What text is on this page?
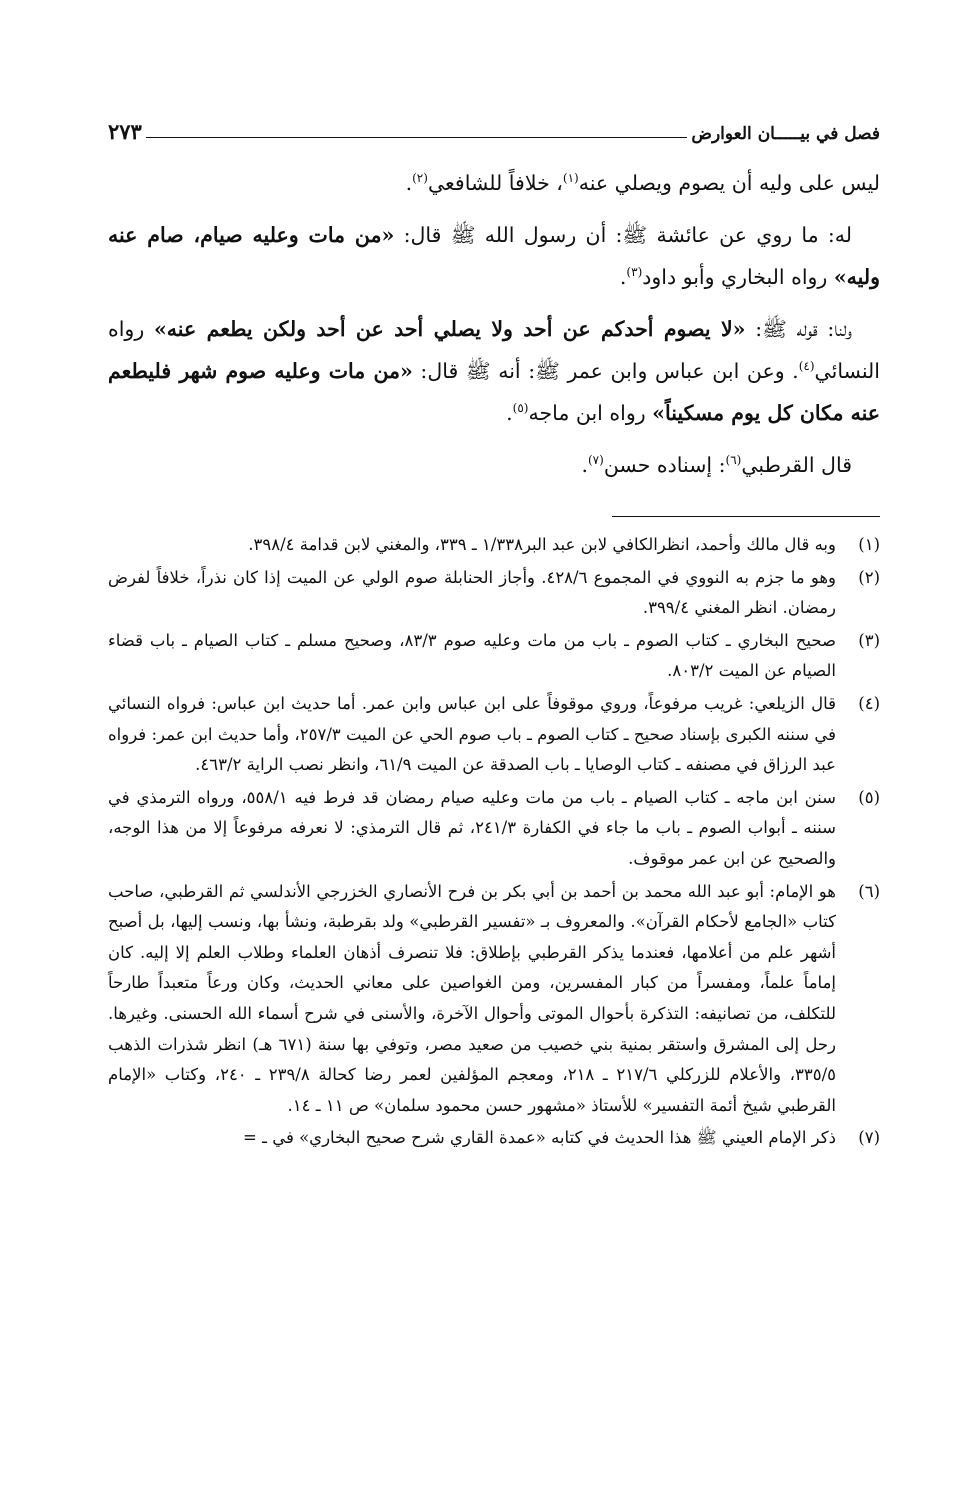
فصل في بيـــــان العوارض
٢٧٣

ليس على وليه أن يصوم ويصلي عنه$^{(١)}$، خلافاً للشافعي$^{(٢)}$.

له: ما روي عن عائشة ﷺ: أن رسول الله ﷺ قال: «من مات وعليه صيام، صام عنه وليه» رواه البخاري وأبو داود$^{(٣)}$.

ولنا: قوله ﷺ: «لا يصوم أحدكم عن أحد ولا يصلي أحد عن أحد ولكن يطعم عنه» رواه النسائي$^{(٤)}$. وعن ابن عباس وابن عمر ﷺ: أنه ﷺ قال: «من مات وعليه صوم شهر فليطعم عنه مكان كل يوم مسكيناً» رواه ابن ماجه$^{(٥)}$.

قال القرطبي$^{(٦)}$: إسناده حسن$^{(٧)}$.

(١)
وبه قال مالك وأحمد، انظرالكافي لابن عبد البر١/٣٣٨ ـ ٣٣٩، والمغني لابن قدامة ٣٩٨/٤.
(٢)
وهو ما جزم به النووي في المجموع ٤٢٨/٦. وأجاز الحنابلة صوم الولي عن الميت إذا كان نذراً، خلافاً لفرض رمضان. انظر المغني ٣٩٩/٤.
(٣)
صحيح البخاري ـ كتاب الصوم ـ باب من مات وعليه صوم ٨٣/٣، وصحيح مسلم ـ كتاب الصيام ـ باب قضاء الصيام عن الميت ٨٠٣/٢.
(٤)
قال الزيلعي: غريب مرفوعاً، وروي موقوفاً على ابن عباس وابن عمر. أما حديث ابن عباس: فرواه النسائي في سننه الكبرى بإسناد صحيح ـ كتاب الصوم ـ باب صوم الحي عن الميت ٢٥٧/٣، وأما حديث ابن عمر: فرواه عبد الرزاق في مصنفه ـ كتاب الوصايا ـ باب الصدقة عن الميت ٦١/٩، وانظر نصب الراية ٤٦٣/٢.
(٥)
سنن ابن ماجه ـ كتاب الصيام ـ باب من مات وعليه صيام رمضان قد فرط فيه ٥٥٨/١، ورواه الترمذي في سننه ـ أبواب الصوم ـ باب ما جاء في الكفارة ٢٤١/٣، ثم قال الترمذي: لا نعرفه مرفوعاً إلا من هذا الوجه، والصحيح عن ابن عمر موقوف.
(٦)
هو الإمام: أبو عبد الله محمد بن أحمد بن أبي بكر بن فرح الأنصاري الخزرجي الأندلسي ثم القرطبي، صاحب كتاب «الجامع لأحكام القرآن». والمعروف بـ «تفسير القرطبي» ولد بقرطبة، ونشأ بها، ونسب إليها، بل أصبح أشهر علم من أعلامها، فعندما يذكر القرطبي بإطلاق: فلا تنصرف أذهان العلماء وطلاب العلم إلا إليه. كان إماماً علماً، ومفسراً من كبار المفسرين، ومن الغواصين على معاني الحديث، وكان ورعاً متعبداً طارحاً للتكلف، من تصانيفه: التذكرة بأحوال الموتى وأحوال الآخرة، والأسنى في شرح أسماء الله الحسنى. وغيرها. رحل إلى المشرق واستقر بمنية بني خصيب من صعيد مصر، وتوفي بها سنة (٦٧١ هـ) انظر شذرات الذهب ٣٣٥/٥، والأعلام للزركلي ٢١٧/٦ ـ ٢١٨، ومعجم المؤلفين لعمر رضا كحالة ٢٣٩/٨ ـ ٢٤٠، وكتاب «الإمام القرطبي شيخ أئمة التفسير» للأستاذ «مشهور حسن محمود سلمان» ص ١١ ـ ١٤.
(٧)
ذكر الإمام العيني ﷺ هذا الحديث في كتابه «عمدة القاري شرح صحيح البخاري» في ـ =
